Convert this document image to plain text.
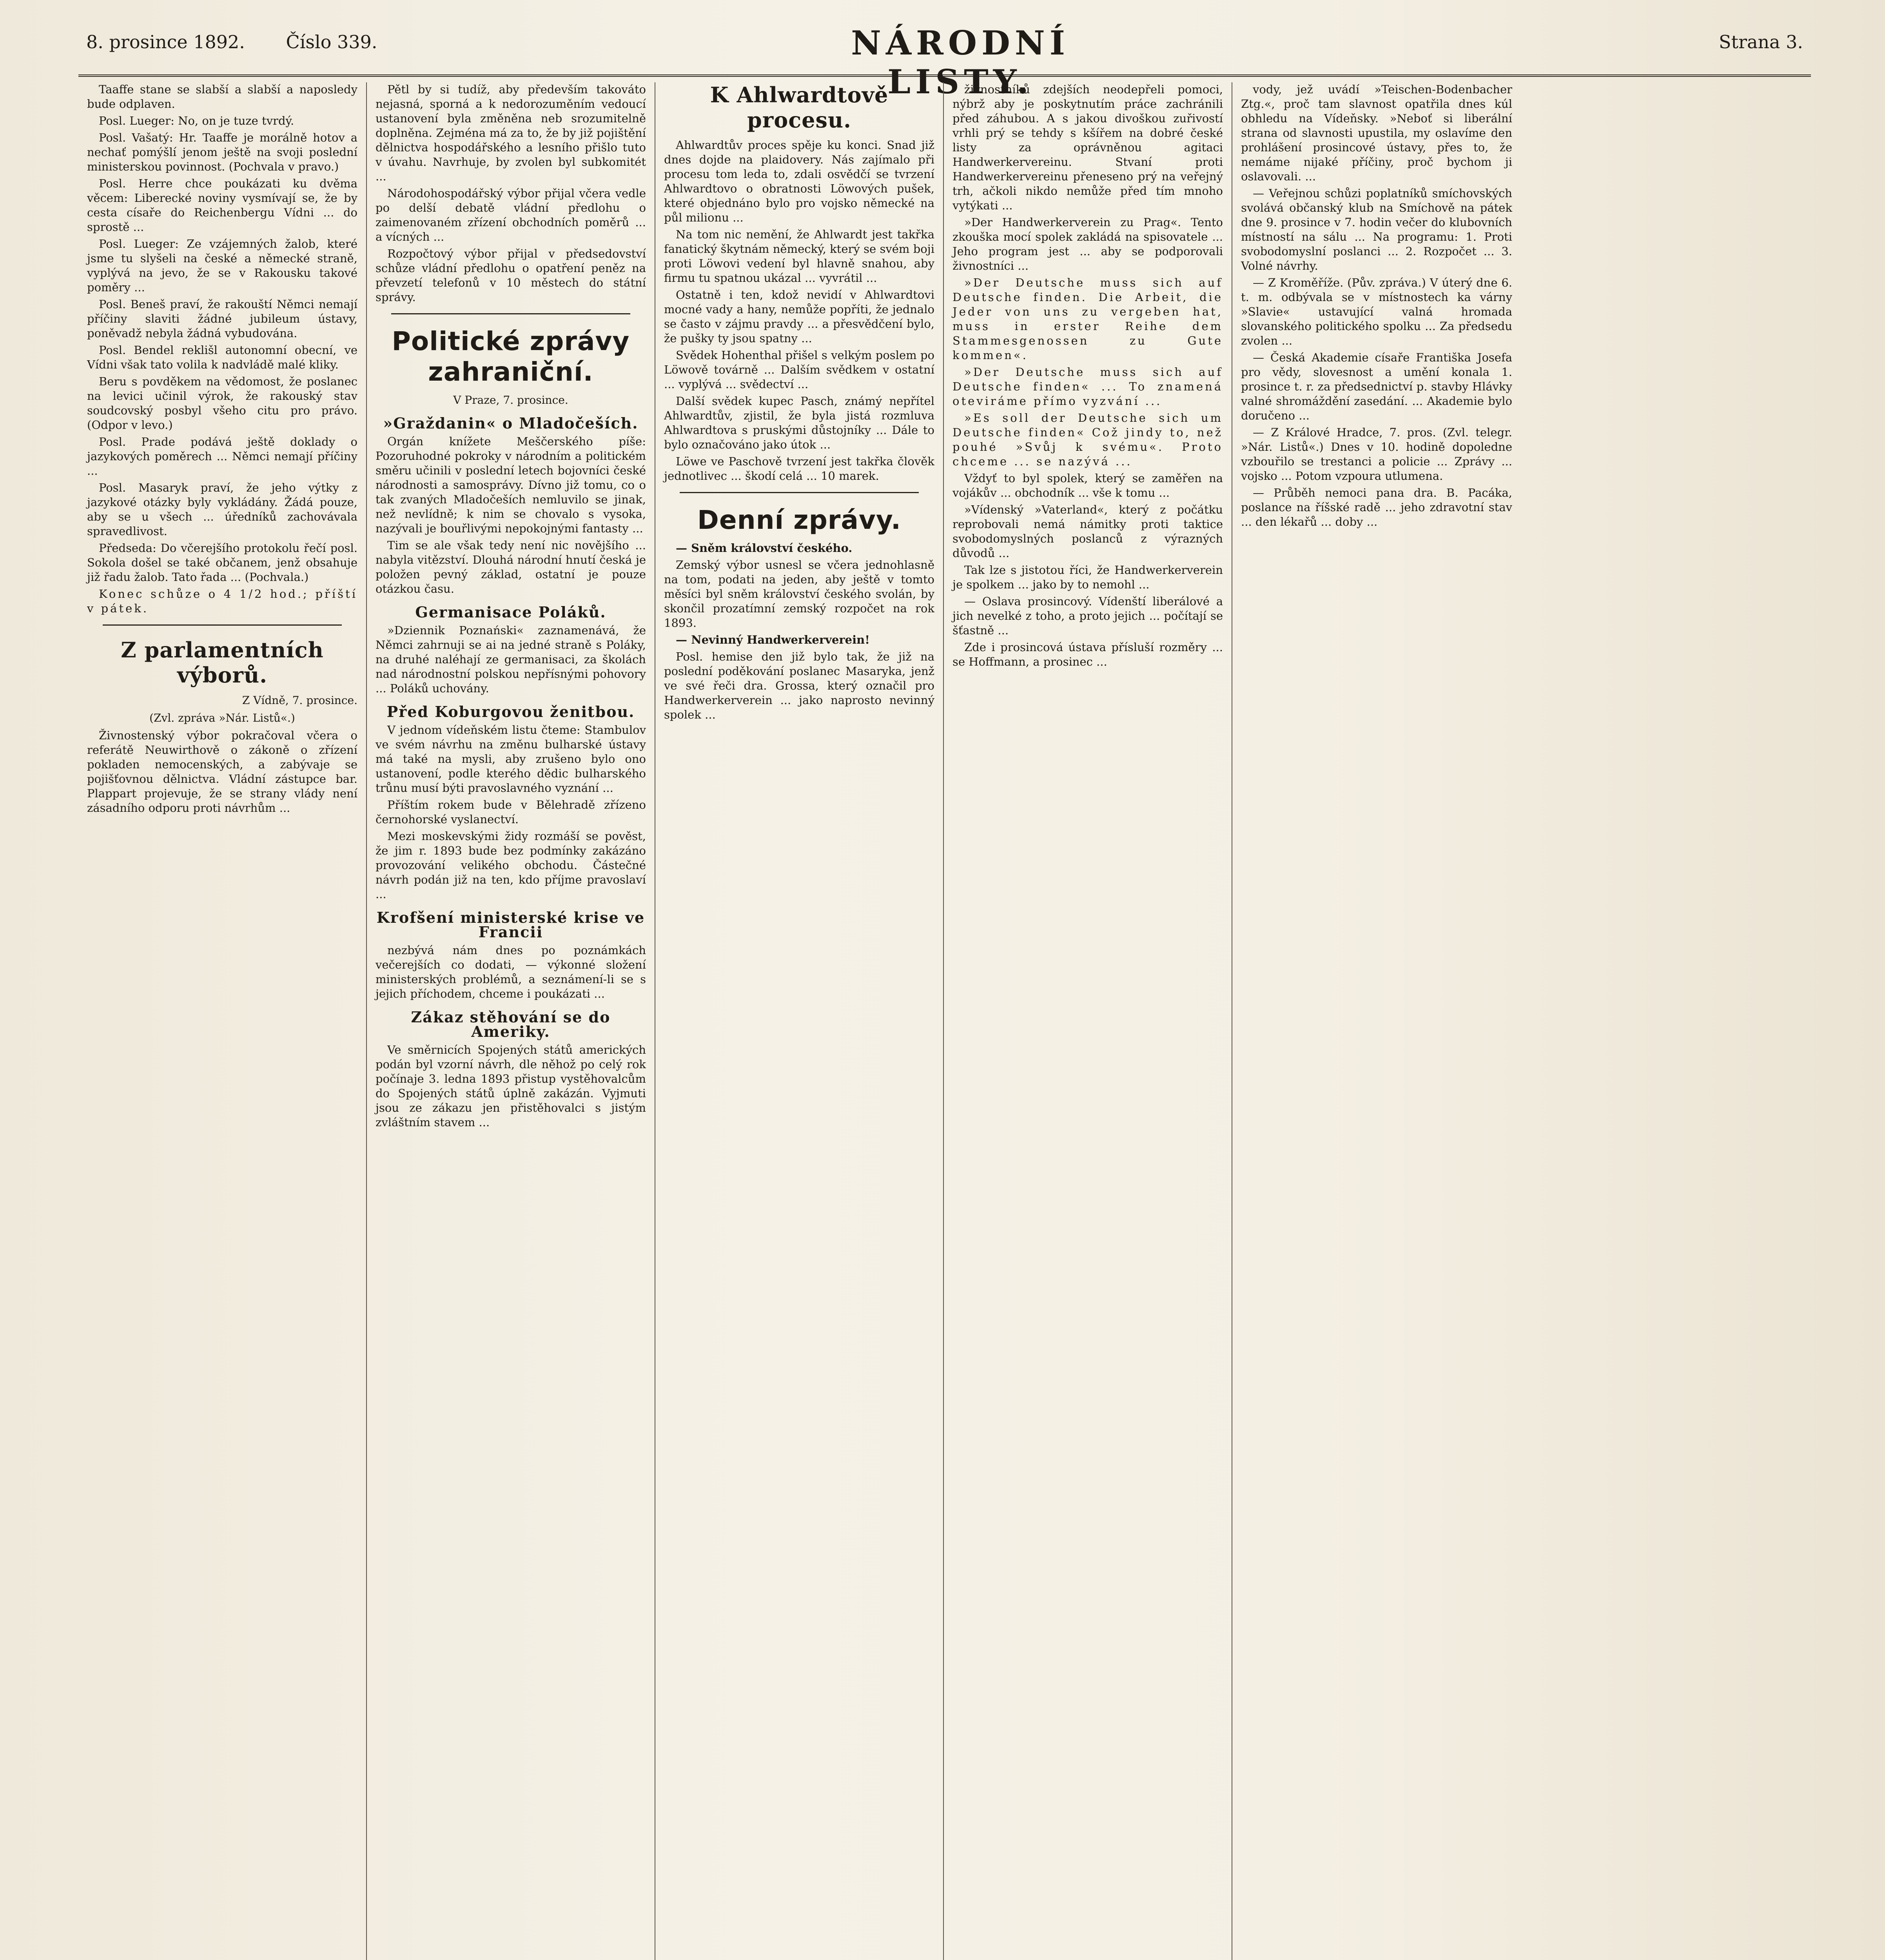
8. prosince 1892. Číslo 339.	NÁRODNÍ LISTY.
Strana 3.

Taaffe stane se slabší a slabší a naposledy bude odplaven.

Posl. Lueger: No, on je tuze tvrdý.

Posl. Vašatý: Hr. Taaffe je morálně hotov a nechať pomýšlí jenom ještě na svoji poslední ministerskou povinnost. (Pochvala v pravo.)

Posl. Herre chce poukázati ku dvěma věcem: Liberecké noviny vysmívají se, že by cesta císaře do Reichenbergu Vídni ... do sprostě ...

Posl. Lueger: Ze vzájemných žalob, které jsme tu slyšeli na české a německé straně, vyplývá na jevo, že se v Rakousku takové poměry ...

Posl. Beneš praví, že rakouští Němci nemají příčiny slaviti žádné jubileum ústavy, poněvadž nebyla žádná vybudována.

Posl. Bendel reklišl autonomní obecní, ve Vídni však tato volila k nadvládě malé kliky.

Beru s povděkem na vědomost, že poslanec na levici učinil výrok, že rakouský stav soudcovský posbyl všeho citu pro právo. (Odpor v levo.)

Posl. Prade podává ještě doklady o jazykových poměrech ... Němci nemají příčiny ...

Posl. Masaryk praví, že jeho výtky z jazykové otázky byly vykládány. Žádá pouze, aby se u všech ... úředníků zachovávala spravedlivost.

Předseda: Do včerejšího protokolu řečí posl. Sokola došel se také občanem, jenž obsahuje již řadu žalob. Tato řada ... (Pochvala.)

Konec schůze o 4 1/2 hod.; příští v pátek.

Z parlamentních výborů.
Z Vídně, 7. prosince.
(Zvl. zpráva »Nár. Listů«.)

Živnostenský výbor pokračoval včera o referátě Neuwirthově o zákoně o zřízení pokladen nemocenských, a zabývaje se pojišťovnou dělnictva. Vládní zástupce bar. Plappart projevuje, že se strany vlády není zásadního odporu proti návrhům ...

Pětl by si tudíž, aby především takováto nejasná, sporná a k nedorozuměním vedoucí ustanovení byla změněna neb srozumitelně doplněna. Zejména má za to, že by již pojištění dělnictva hospodářského a lesního přišlo tuto v úvahu. Navrhuje, by zvolen byl subkomitét ...

Národohospodářský výbor přijal včera vedle po delší debatě vládní předlohu o zaimenovaném zřízení obchodních poměrů ... a vícných ...

Rozpočtový výbor přijal v předsedovství schůze vládní předlohu o opatření peněz na převzetí telefonů v 10 městech do státní správy.

Politické zprávy zahraniční.
V Praze, 7. prosince.
»Graždanin« o Mladočeších.

Orgán knížete Meščerského píše: Pozoruhodné pokroky v národním a politickém směru učinili v poslední letech bojovníci české národnosti a samosprávy. Dívno již tomu, co o tak zvaných Mladočeších nemluvilo se jinak, než nevlídně; k nim se chovalo s vysoka, nazývali je bouřlivými nepokojnými fantasty ...

Tim se ale však tedy není nic novějšího ... nabyla vitězství. Dlouhá národní hnutí česká je položen pevný základ, ostatní je pouze otázkou času.

Germanisace Poláků.

»Dziennik Poznański« zaznamenává, že Němci zahrnuji se ai na jedné straně s Poláky, na druhé naléhají ze germanisaci, za školách nad národnostní polskou nepřísnými pohovory ... Poláků uchovány.

Před Koburgovou ženitbou.

V jednom vídeňském listu čteme: Stambulov ve svém návrhu na změnu bulharské ústavy má také na mysli, aby zrušeno bylo ono ustanovení, podle kterého dědic bulharského trůnu musí býti pravoslavného vyznání ...

Příštím rokem bude v Bělehradě zřízeno černohorské vyslanectví.

Mezi moskevskými židy rozmáší se pověst, že jim r. 1893 bude bez podmínky zakázáno provozování velikého obchodu. Částečné návrh podán již na ten, kdo příjme pravoslaví ...

Krofšení ministerské krise ve Francii

nezbývá nám dnes po poznámkách večerejších co dodati, — výkonné složení ministerských problémů, a seznámení-li se s jejich příchodem, chceme i poukázati ...

Zákaz stěhování se do Ameriky.

Ve směrnicích Spojených států amerických podán byl vzorní návrh, dle něhož po celý rok počínaje 3. ledna 1893 přistup vystěhovalcům do Spojených států úplně zakázán. Vyjmuti jsou ze zákazu jen přistěhovalci s jistým zvláštním stavem ...

K Ahlwardtově procesu.

Ahlwardtův proces spěje ku konci. Snad již dnes dojde na plaidovery. Nás zajímalo při procesu tom leda to, zdali osvědčí se tvrzení Ahlwardtovo o obratnosti Löwových pušek, které objednáno bylo pro vojsko německé na půl milionu ...

Na tom nic nemění, že Ahlwardt jest takřka fanatický škytnám německý, který se svém boji proti Löwovi vedení byl hlavně snahou, aby firmu tu spatnou ukázal ... vyvrátil ...

Ostatně i ten, kdož nevidí v Ahlwardtovi mocné vady a hany, nemůže popříti, že jednalo se často v zájmu pravdy ... a přesvědčení bylo, že pušky ty jsou spatny ...

Svědek Hohenthal přišel s velkým poslem po Löwově továrně ... Dalším svědkem v ostatní ... vyplývá ... svědectví ...

Další svědek kupec Pasch, známý nepřítel Ahlwardtův, zjistil, že byla jistá rozmluva Ahlwardtova s pruskými důstojníky ... Dále to bylo označováno jako útok ...

Löwe ve Paschově tvrzení jest takřka člověk jednotlivec ... škodí celá ... 10 marek.

Denní zprávy.

— Sněm království českého.

Zemský výbor usnesl se včera jednohlasně na tom, podati na jeden, aby ještě v tomto měsíci byl sněm království českého svolán, by skončil prozatímní zemský rozpočet na rok 1893.

— Nevinný Handwerkerverein!

Posl. hemise den již bylo tak, že již na poslední poděkování poslanec Masaryka, jenž ve své řeči dra. Grossa, který označil pro Handwerkerverein ... jako naprosto nevinný spolek ...

živnostníků zdejších neodepřeli pomoci, nýbrž aby je poskytnutím práce zachránili před záhubou. A s jakou divoškou zuřivostí vrhli prý se tehdy s kšířem na dobré české listy za oprávněnou agitaci Handwerkervereinu. Stvaní proti Handwerkervereinu přeneseno prý na veřejný trh, ačkoli nikdo nemůže před tím mnoho vytýkati ...

»Der Handwerkerverein zu Prag«. Tento zkouška mocí spolek zakládá na spisovatele ... Jeho program jest ... aby se podporovali živnostníci ...

»Der Deutsche muss sich auf Deutsche finden. Die Arbeit, die Jeder von uns zu vergeben hat, muss in erster Reihe dem Stammesgenossen zu Gute kommen«.

»Der Deutsche muss sich auf Deutsche finden« ... To znamená oteviráme přímo vyzvání ...

»Es soll der Deutsche sich um Deutsche finden« Což jindy to, než pouhé »Svůj k svému«. Proto chceme ... se nazývá ...

Vždyť to byl spolek, který se zaměřen na vojákův ... obchodník ... vše k tomu ...

»Vídenský »Vaterland«, který z počátku reprobovali nemá námitky proti taktice svobodomyslných poslanců z výrazných důvodů ...

Tak lze s jistotou říci, že Handwerkerverein je spolkem ... jako by to nemohl ...

— Oslava prosincový. Vídenští liberálové a jich nevelké z toho, a proto jejich ... počítají se šťastně ...

Zde i prosincová ústava přísluší rozměry ... se Hoffmann, a prosinec ...

vody, jež uvádí »Teischen-Bodenbacher Ztg.«, proč tam slavnost opatřila dnes kúl obhledu na Vídeňsky. »Neboť si liberální strana od slavnosti upustila, my oslavíme den prohlášení prosincové ústavy, přes to, že nemáme nijaké příčiny, proč bychom ji oslavovali. ...

— Veřejnou schůzi poplatníků smíchovských svolává občanský klub na Smíchově na pátek dne 9. prosince v 7. hodin večer do klubovních místností na sálu ... Na programu: 1. Proti svobodomyslní poslanci ... 2. Rozpočet ... 3. Volné návrhy.

— Z Kroměříže. (Pův. zpráva.) V úterý dne 6. t. m. odbývala se v místnostech ka várny »Slavie« ustavující valná hromada slovanského politického spolku ... Za předsedu zvolen ...

— Česká Akademie císaře Františka Josefa pro vědy, slovesnost a umění konala 1. prosince t. r. za předsednictví p. stavby Hlávky valné shromáždění zasedání. ... Akademie bylo doručeno ...

— Z Králové Hradce, 7. pros. (Zvl. telegr. »Nár. Listů«.) Dnes v 10. hodině dopoledne vzbouřilo se trestanci a policie ... Zprávy ... vojsko ... Potom vzpoura utlumena.

— Průběh nemoci pana dra. B. Pacáka, poslance na říšské radě ... jeho zdravotní stav ... den lékařů ... doby ...
